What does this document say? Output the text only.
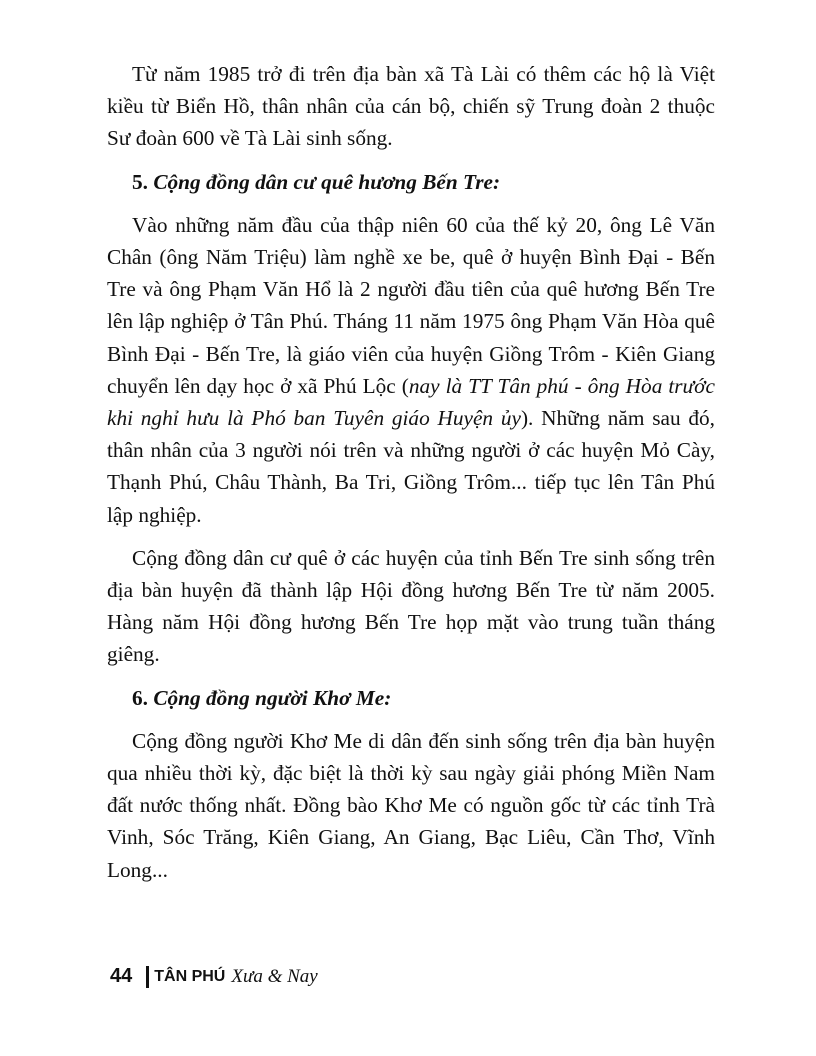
Từ năm 1985 trở đi trên địa bàn xã Tà Lài có thêm các hộ là Việt kiều từ Biển Hồ, thân nhân của cán bộ, chiến sỹ Trung đoàn 2 thuộc Sư đoàn 600 về Tà Lài sinh sống.

5. Cộng đồng dân cư quê hương Bến Tre:

Vào những năm đầu của thập niên 60 của thế kỷ 20, ông Lê Văn Chân (ông Năm Triệu) làm nghề xe be, quê ở huyện Bình Đại - Bến Tre và ông Phạm Văn Hổ là 2 người đầu tiên của quê hương Bến Tre lên lập nghiệp ở Tân Phú. Tháng 11 năm 1975 ông Phạm Văn Hòa quê Bình Đại - Bến Tre, là giáo viên của huyện Giồng Trôm - Kiên Giang chuyển lên dạy học ở xã Phú Lộc (nay là TT Tân phú - ông Hòa trước khi nghỉ hưu là Phó ban Tuyên giáo Huyện ủy). Những năm sau đó, thân nhân của 3 người nói trên và những người ở các huyện Mỏ Cày, Thạnh Phú, Châu Thành, Ba Tri, Giồng Trôm... tiếp tục lên Tân Phú lập nghiệp.

Cộng đồng dân cư quê ở các huyện của tỉnh Bến Tre sinh sống trên địa bàn huyện đã thành lập Hội đồng hương Bến Tre từ năm 2005. Hàng năm Hội đồng hương Bến Tre họp mặt vào trung tuần tháng giêng.

6. Cộng đồng người Khơ Me:

Cộng đồng người Khơ Me di dân đến sinh sống trên địa bàn huyện qua nhiều thời kỳ, đặc biệt là thời kỳ sau ngày giải phóng Miền Nam đất nước thống nhất. Đồng bào Khơ Me có nguồn gốc từ các tỉnh Trà Vinh, Sóc Trăng, Kiên Giang, An Giang, Bạc Liêu, Cần Thơ, Vĩnh Long...

44 TÂN PHÚ Xưa & Nay
